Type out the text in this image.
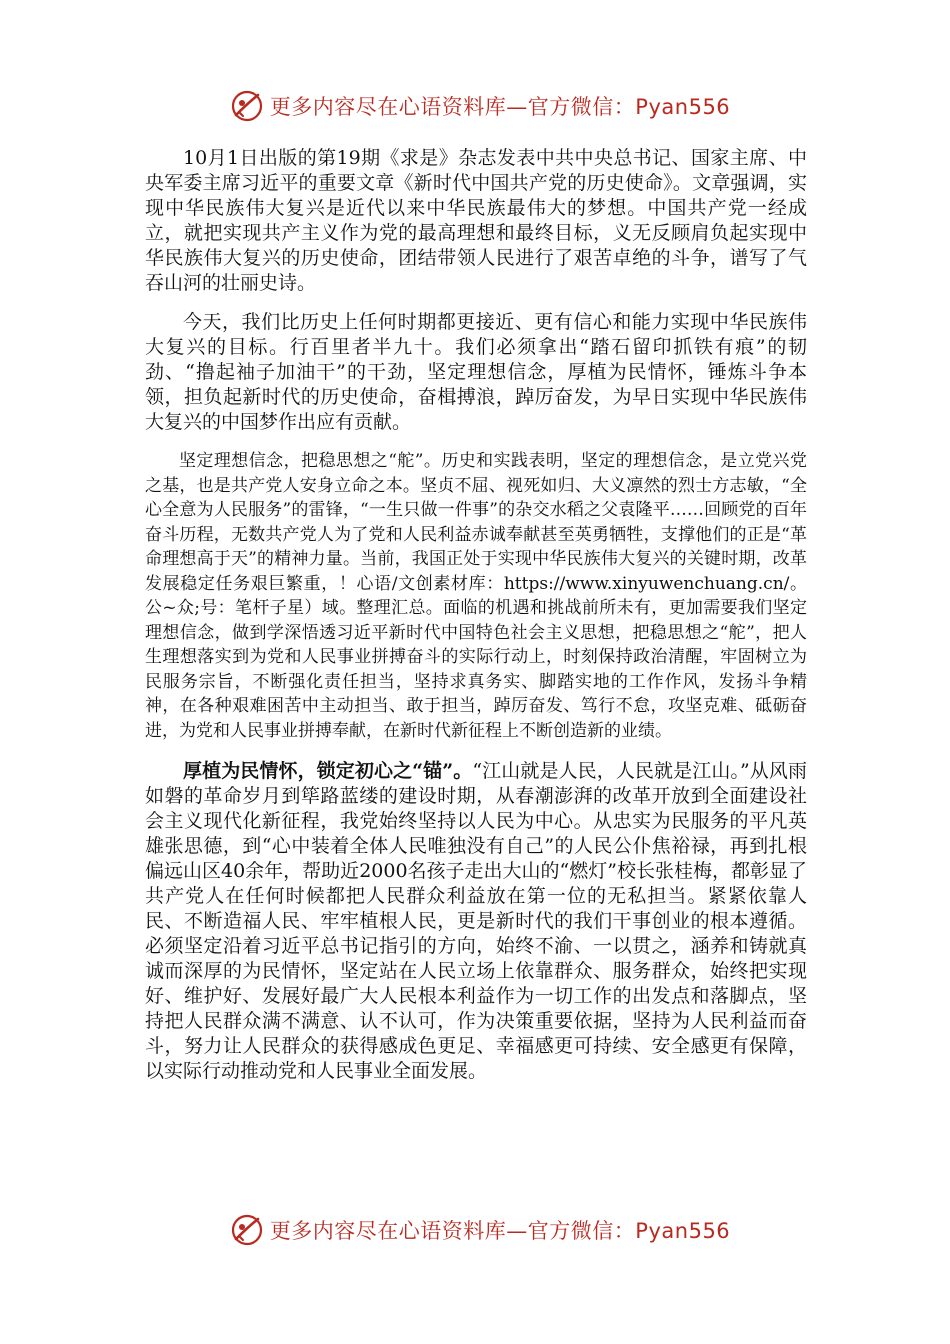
更多内容尽在心语资料库—官方微信：Pyan556

10月1日出版的第19期《求是》杂志发表中共中央总书记、国家主席、中央军委主席习近平的重要文章《新时代中国共产党的历史使命》。文章强调，实现中华民族伟大复兴是近代以来中华民族最伟大的梦想。中国共产党一经成立，就把实现共产主义作为党的最高理想和最终目标，义无反顾肩负起实现中华民族伟大复兴的历史使命，团结带领人民进行了艰苦卓绝的斗争，谱写了气吞山河的壮丽史诗。

今天，我们比历史上任何时期都更接近、更有信心和能力实现中华民族伟大复兴的目标。行百里者半九十。我们必须拿出“踏石留印抓铁有痕”的韧劲、“撸起袖子加油干”的干劲，坚定理想信念，厚植为民情怀，锤炼斗争本领，担负起新时代的历史使命，奋楫搏浪，踔厉奋发，为早日实现中华民族伟大复兴的中国梦作出应有贡献。

坚定理想信念，把稳思想之“舵”。历史和实践表明，坚定的理想信念，是立党兴党之基，也是共产党人安身立命之本。坚贞不屈、视死如归、大义凛然的烈士方志敏，“全心全意为人民服务”的雷锋，“一生只做一件事”的杂交水稻之父袁隆平……回顾党的百年奋斗历程，无数共产党人为了党和人民利益赤诚奉献甚至英勇牺牲，支撑他们的正是“革命理想高于天”的精神力量。当前，我国正处于实现中华民族伟大复兴的关键时期，改革发展稳定任务艰巨繁重，！心语/文创素材库：https://www.xinyuwenchuang.cn/。公~众;号：笔杆子星）域。整理汇总。面临的机遇和挑战前所未有，更加需要我们坚定理想信念，做到学深悟透习近平新时代中国特色社会主义思想，把稳思想之“舵”，把人生理想落实到为党和人民事业拼搏奋斗的实际行动上，时刻保持政治清醒，牢固树立为民服务宗旨，不断强化责任担当，坚持求真务实、脚踏实地的工作作风，发扬斗争精神，在各种艰难困苦中主动担当、敢于担当，踔厉奋发、笃行不怠，攻坚克难、砥砺奋进，为党和人民事业拼搏奉献，在新时代新征程上不断创造新的业绩。

厚植为民情怀，锁定初心之“锚”。“江山就是人民，人民就是江山。”从风雨如磐的革命岁月到筚路蓝缕的建设时期，从春潮澎湃的改革开放到全面建设社会主义现代化新征程，我党始终坚持以人民为中心。从忠实为民服务的平凡英雄张思德，到“心中装着全体人民唯独没有自己”的人民公仆焦裕禄，再到扎根偏远山区40余年，帮助近2000名孩子走出大山的“燃灯”校长张桂梅，都彰显了共产党人在任何时候都把人民群众利益放在第一位的无私担当。紧紧依靠人民、不断造福人民、牢牢植根人民，更是新时代的我们干事创业的根本遵循。必须坚定沿着习近平总书记指引的方向，始终不渝、一以贯之，涵养和铸就真诚而深厚的为民情怀，坚定站在人民立场上依靠群众、服务群众，始终把实现好、维护好、发展好最广大人民根本利益作为一切工作的出发点和落脚点，坚持把人民群众满不满意、认不认可，作为决策重要依据，坚持为人民利益而奋斗，努力让人民群众的获得感成色更足、幸福感更可持续、安全感更有保障，以实际行动推动党和人民事业全面发展。

更多内容尽在心语资料库—官方微信：Pyan556
